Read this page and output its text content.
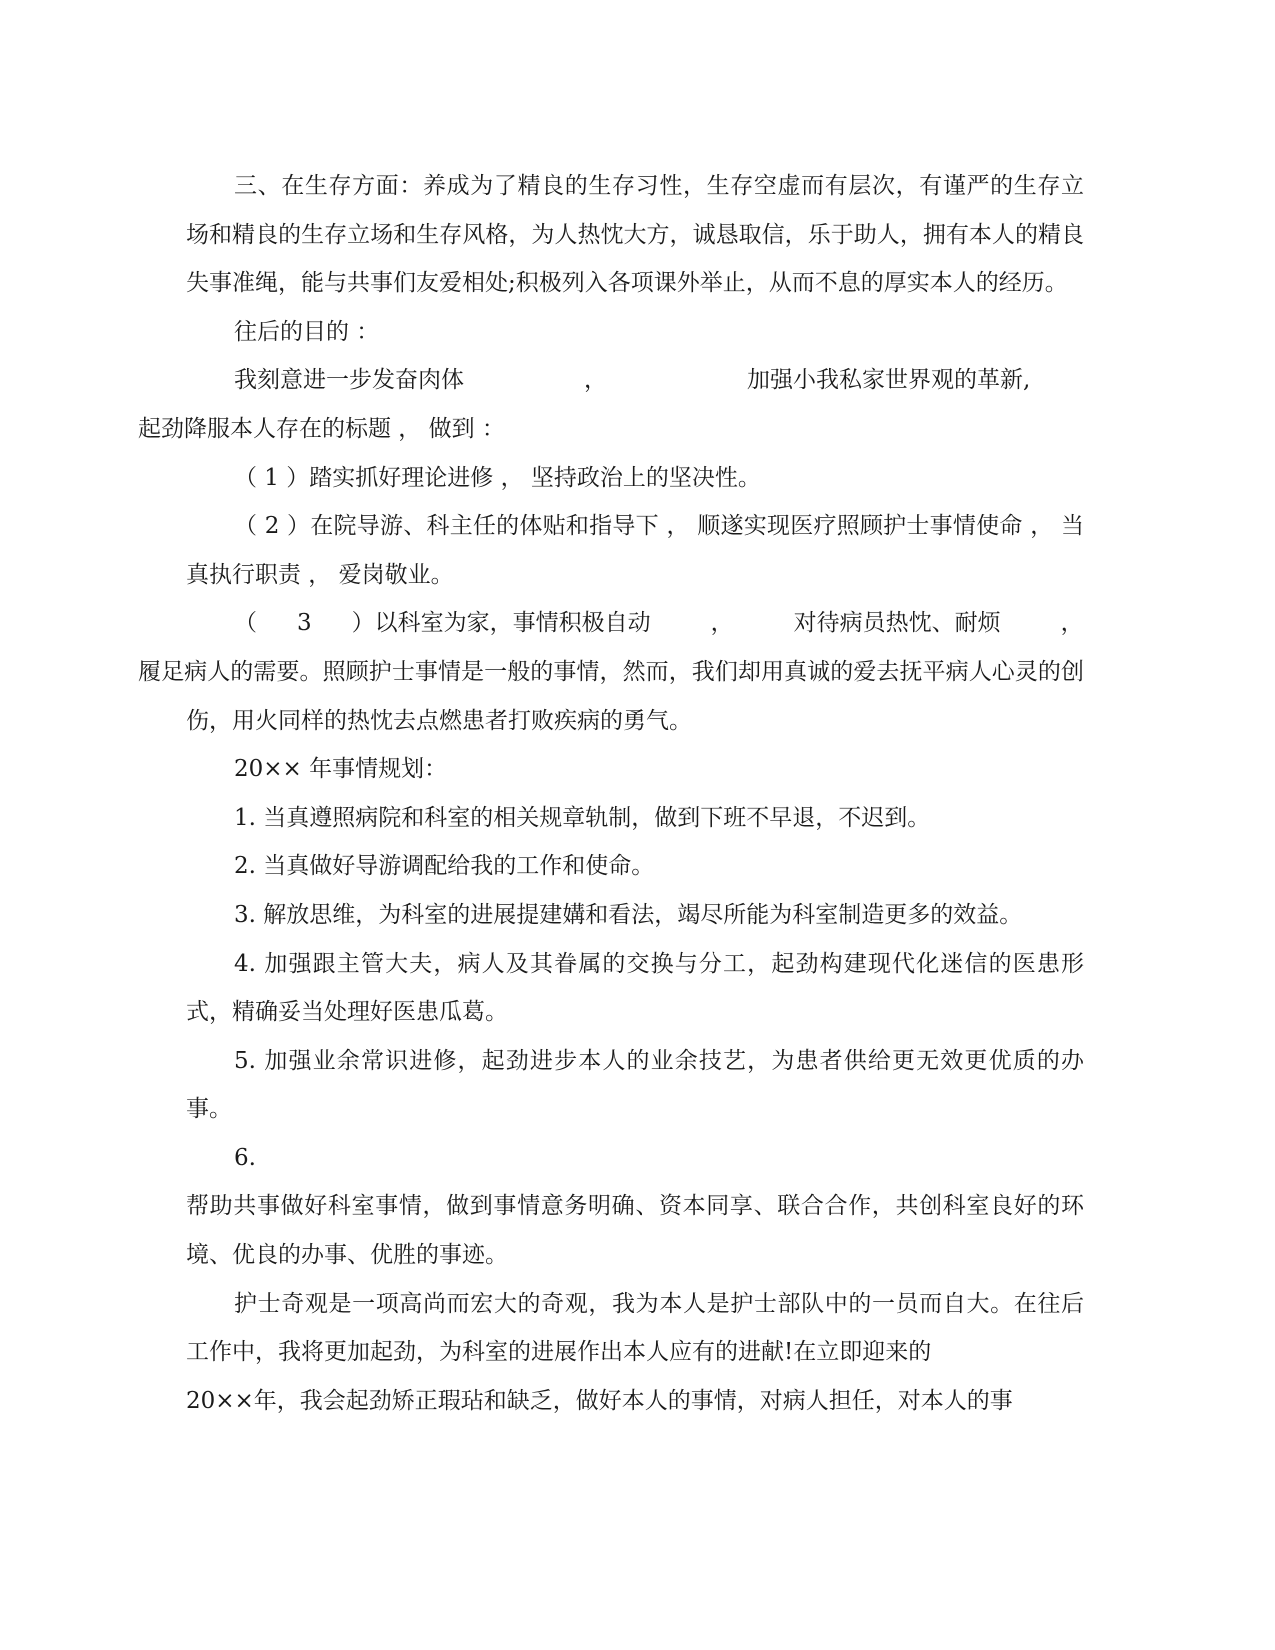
三、在生存方面：养成为了精良的生存习性，生存空虚而有层次，有谨严的生存立场和精良的生存立场和生存风格，为人热忱大方，诚恳取信，乐于助人，拥有本人的精良失事准绳，能与共事们友爱相处;积极列入各项课外举止，从而不息的厚实本人的经历。

往后的目的 ：

我刻意进一步发奋肉体	，	加强小我私家世界观的革新,
起劲降服本人存在的标题 ， 做到 ：

（ 1 ）踏实抓好理论进修 ， 坚持政治上的坚决性。

（ 2 ）在院导游、科主任的体贴和指导下 ， 顺遂实现医疗照顾护士事情使命 ， 当真执行职责 ， 爱岗敬业。

（ 3 ）以科室为家，事情积极自动	，	对待病员热忱、耐烦	，
履足病人的需要。照顾护士事情是一般的事情，然而，我们却用真诚的爱去抚平病人心灵的创伤，用火同样的热忱去点燃患者打败疾病的勇气。

20×× 年事情规划：

1. 当真遵照病院和科室的相关规章轨制，做到下班不早退，不迟到。

2. 当真做好导游调配给我的工作和使命。

3. 解放思维，为科室的进展提建媾和看法，竭尽所能为科室制造更多的效益。

4. 加强跟主管大夫，病人及其眷属的交换与分工，起劲构建现代化迷信的医患形式，精确妥当处理好医患瓜葛。

5. 加强业余常识进修，起劲进步本人的业余技艺，为患者供给更无效更优质的办事。

6.

帮助共事做好科室事情，做到事情意务明确、资本同享、联合合作，共创科室良好的环境、优良的办事、优胜的事迹。

护士奇观是一项高尚而宏大的奇观，我为本人是护士部队中的一员而自大。在往后工作中，我将更加起劲，为科室的进展作出本人应有的进献!在立即迎来的

20××年，我会起劲矫正瑕玷和缺乏，做好本人的事情，对病人担任，对本人的事
